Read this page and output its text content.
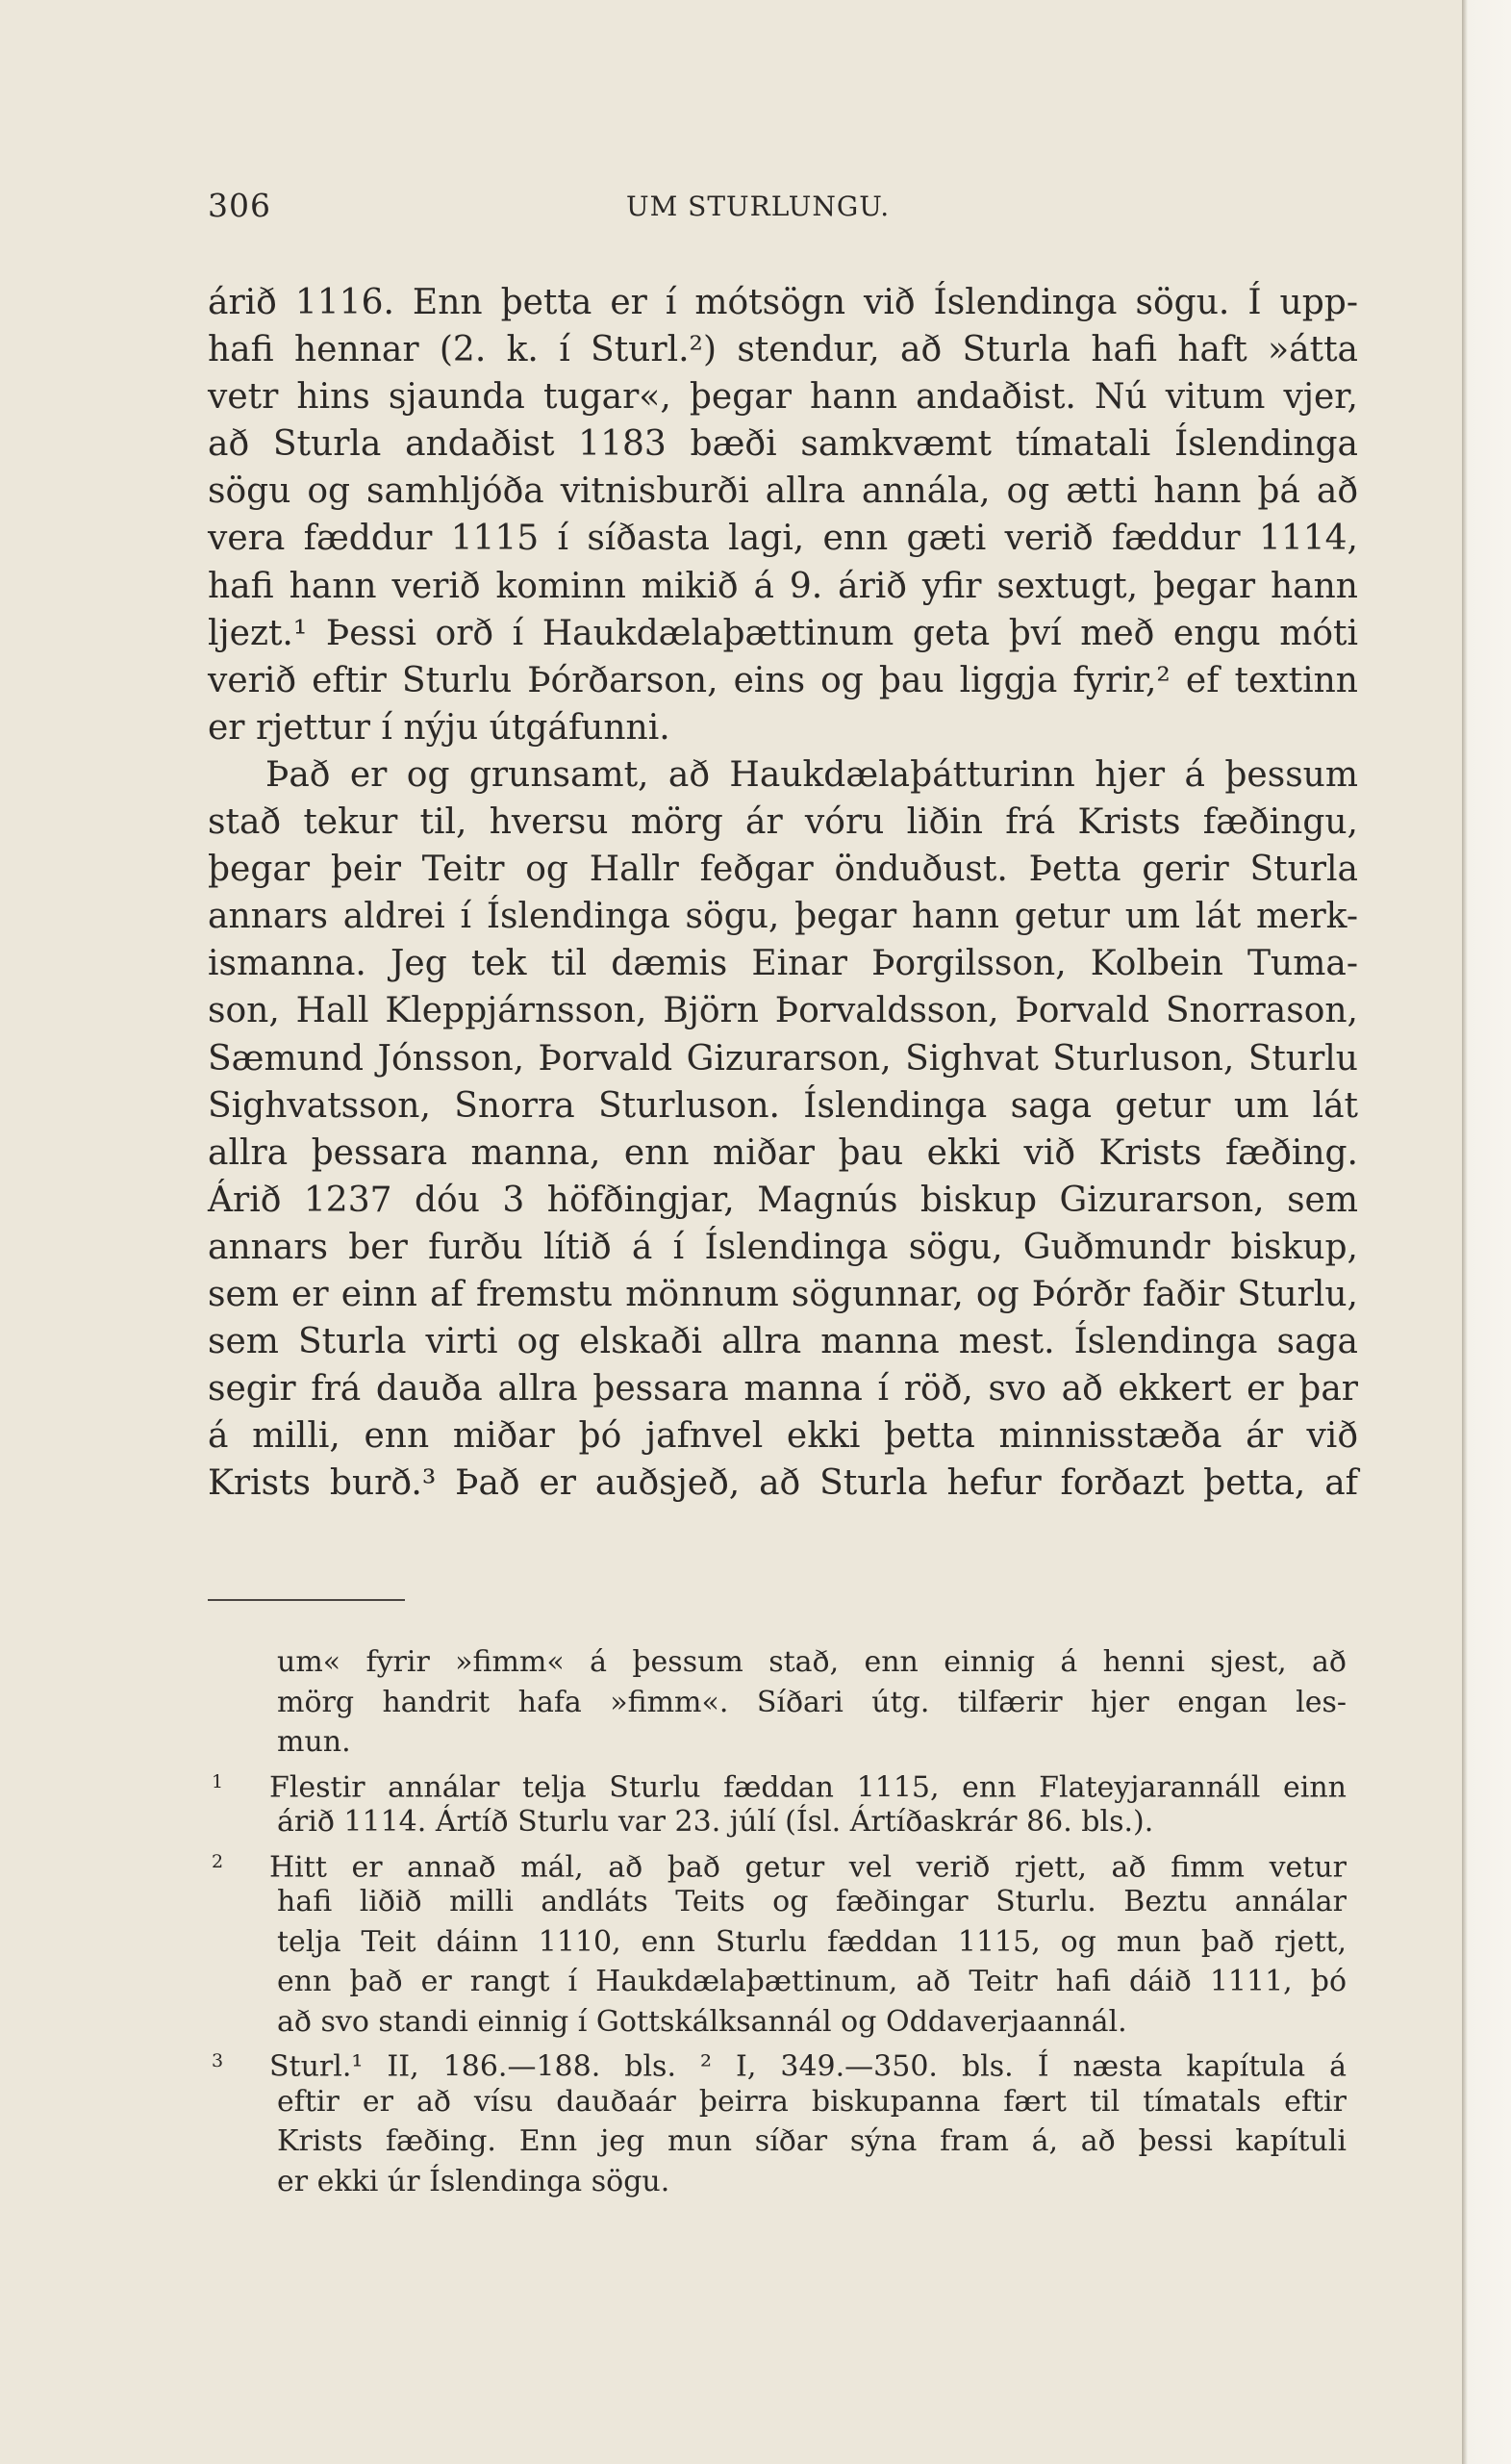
306	UM STURLUNGU.
árið 1116. Enn þetta er í mótsögn við Íslendinga sögu. Í upp-
hafi hennar (2. k. í Sturl.²) stendur, að Sturla hafi haft »átta
vetr hins sjaunda tugar«, þegar hann andaðist. Nú vitum vjer,
að Sturla andaðist 1183 bæði samkvæmt tímatali Íslendinga
sögu og samhljóða vitnisburði allra annála, og ætti hann þá að
vera fæddur 1115 í síðasta lagi, enn gæti verið fæddur 1114,
hafi hann verið kominn mikið á 9. árið yfir sextugt, þegar hann
ljezt.¹ Þessi orð í Haukdælaþættinum geta því með engu móti
verið eftir Sturlu Þórðarson, eins og þau liggja fyrir,² ef textinn
er rjettur í nýju útgáfunni.
Það er og grunsamt, að Haukdælaþátturinn hjer á þessum
stað tekur til, hversu mörg ár vóru liðin frá Krists fæðingu,
þegar þeir Teitr og Hallr feðgar önduðust. Þetta gerir Sturla
annars aldrei í Íslendinga sögu, þegar hann getur um lát merk-
ismanna. Jeg tek til dæmis Einar Þorgilsson, Kolbein Tuma-
son, Hall Kleppjárnsson, Björn Þorvaldsson, Þorvald Snorrason,
Sæmund Jónsson, Þorvald Gizurarson, Sighvat Sturluson, Sturlu
Sighvatsson, Snorra Sturluson. Íslendinga saga getur um lát
allra þessara manna, enn miðar þau ekki við Krists fæðing.
Árið 1237 dóu 3 höfðingjar, Magnús biskup Gizurarson, sem
annars ber furðu lítið á í Íslendinga sögu, Guðmundr biskup,
sem er einn af fremstu mönnum sögunnar, og Þórðr faðir Sturlu,
sem Sturla virti og elskaði allra manna mest. Íslendinga saga
segir frá dauða allra þessara manna í röð, svo að ekkert er þar
á milli, enn miðar þó jafnvel ekki þetta minnisstæða ár við
Krists burð.³ Það er auðsjeð, að Sturla hefur forðazt þetta, af
um« fyrir »fimm« á þessum stað, enn einnig á henni sjest, að
mörg handrit hafa »fimm«. Síðari útg. tilfærir hjer engan les-
mun.
1 Flestir annálar telja Sturlu fæddan 1115, enn Flateyjarannáll einn
árið 1114. Ártíð Sturlu var 23. júlí (Ísl. Ártíðaskrár 86. bls.).
2 Hitt er annað mál, að það getur vel verið rjett, að fimm vetur
hafi liðið milli andláts Teits og fæðingar Sturlu. Beztu annálar
telja Teit dáinn 1110, enn Sturlu fæddan 1115, og mun það rjett,
enn það er rangt í Haukdælaþættinum, að Teitr hafi dáið 1111, þó
að svo standi einnig í Gottskálksannál og Oddaverjaannál.
3 Sturl.¹ II, 186.—188. bls. ² I, 349.—350. bls. Í næsta kapítula á
eftir er að vísu dauðaár þeirra biskupanna fært til tímatals eftir
Krists fæðing. Enn jeg mun síðar sýna fram á, að þessi kapítuli
er ekki úr Íslendinga sögu.
